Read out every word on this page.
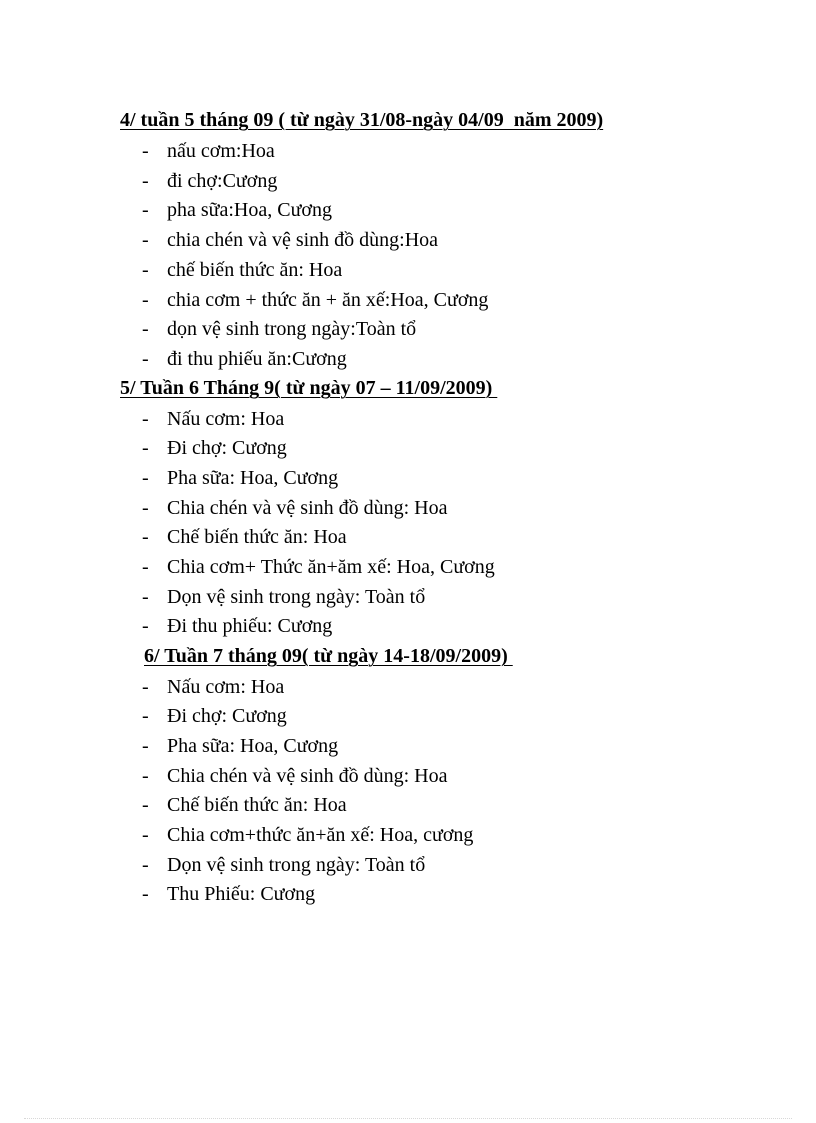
4/ tuần 5 tháng 09 ( từ ngày 31/08-ngày 04/09  năm 2009)
- nấu cơm:Hoa
- đi chợ:Cương
- pha sữa:Hoa, Cương
- chia chén và vệ sinh đồ dùng:Hoa
- chế biến thức ăn: Hoa
- chia cơm + thức ăn + ăn xế:Hoa, Cương
- dọn vệ sinh trong ngày:Toàn tổ
- đi thu phiếu ăn:Cương
5/ Tuần 6 Tháng 9( từ ngày 07 – 11/09/2009)
- Nấu cơm: Hoa
- Đi chợ: Cương
- Pha sữa: Hoa, Cương
- Chia chén và vệ sinh đồ dùng: Hoa
- Chế biến thức ăn: Hoa
- Chia cơm+ Thức ăn+ăm xế: Hoa, Cương
- Dọn vệ sinh trong ngày: Toàn tổ
- Đi thu phiếu: Cương
6/ Tuần 7 tháng 09( từ ngày 14-18/09/2009)
- Nấu cơm: Hoa
- Đi chợ: Cương
- Pha sữa: Hoa, Cương
- Chia chén và vệ sinh đồ dùng: Hoa
- Chế biến thức ăn: Hoa
- Chia cơm+thức ăn+ăn xế: Hoa, cương
- Dọn vệ sinh trong ngày: Toàn tổ
- Thu Phiếu: Cương
